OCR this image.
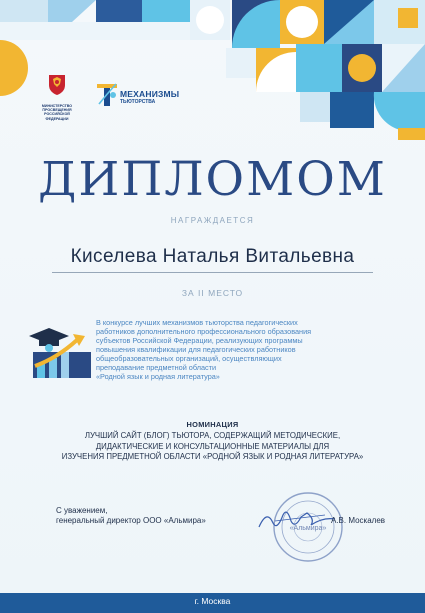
МИНИСТЕРСТВО ПРОСВЕЩЕНИЯ РОССИЙСКОЙ ФЕДЕРАЦИИ
МЕХАНИЗМЫ
ТЬЮТОРСТВА
ДИПЛОМОМ
НАГРАЖДАЕТСЯ
Киселева Наталья Витальевна
ЗА II МЕСТО
В конкурсе лучших механизмов тьюторства педагогических
работников дополнительного профессионального образования
субъектов Российской Федерации, реализующих программы
повышения квалификации для педагогических работников
общеобразовательных организаций, осуществляющих
преподавание предметной области
«Родной язык и родная литература»
НОМИНАЦИЯ
ЛУЧШИЙ САЙТ (БЛОГ) ТЬЮТОРА, СОДЕРЖАЩИЙ МЕТОДИЧЕСКИЕ,
ДИДАКТИЧЕСКИЕ И КОНСУЛЬТАЦИОННЫЕ МАТЕРИАЛЫ ДЛЯ
ИЗУЧЕНИЯ ПРЕДМЕТНОЙ ОБЛАСТИ «РОДНОЙ ЯЗЫК И РОДНАЯ ЛИТЕРАТУРА»
С уважением,
генеральный директор ООО «Альмира»
«Альмира»
А.В. Москалев
г. Москва
